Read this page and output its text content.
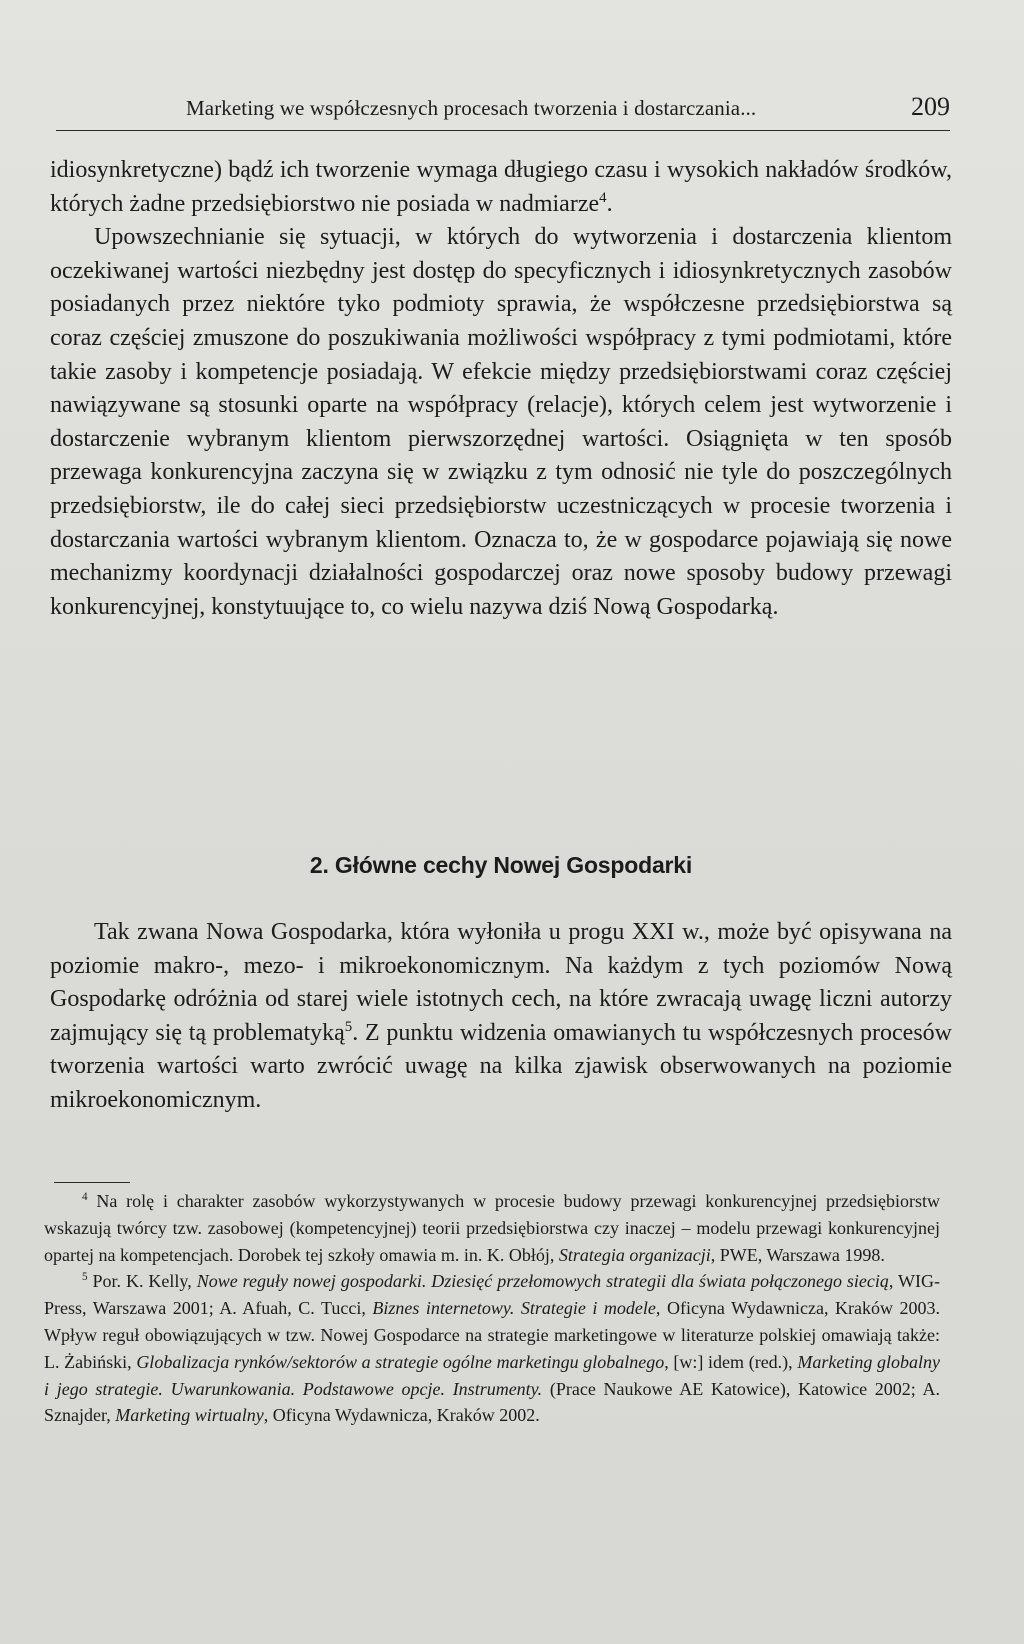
Marketing we współczesnych procesach tworzenia i dostarczania...	209

idiosynkretyczne) bądź ich tworzenie wymaga długiego czasu i wysokich nakładów środków, których żadne przedsiębiorstwo nie posiada w nadmiarze$^4$.

Upowszechnianie się sytuacji, w których do wytworzenia i dostarczenia klientom oczekiwanej wartości niezbędny jest dostęp do specyficznych i idiosynkretycznych zasobów posiadanych przez niektóre tyko podmioty sprawia, że współczesne przedsiębiorstwa są coraz częściej zmuszone do poszukiwania możliwości współpracy z tymi podmiotami, które takie zasoby i kompetencje posiadają. W efekcie między przedsiębiorstwami coraz częściej nawiązywane są stosunki oparte na współpracy (relacje), których celem jest wytworzenie i dostarczenie wybranym klientom pierwszorzędnej wartości. Osiągnięta w ten sposób przewaga konkurencyjna zaczyna się w związku z tym odnosić nie tyle do poszczególnych przedsiębiorstw, ile do całej sieci przedsiębiorstw uczestniczących w procesie tworzenia i dostarczania wartości wybranym klientom. Oznacza to, że w gospodarce pojawiają się nowe mechanizmy koordynacji działalności gospodarczej oraz nowe sposoby budowy przewagi konkurencyjnej, konstytuujące to, co wielu nazywa dziś Nową Gospodarką.

2. Główne cechy Nowej Gospodarki

Tak zwana Nowa Gospodarka, która wyłoniła u progu XXI w., może być opisywana na poziomie makro-, mezo- i mikroekonomicznym. Na każdym z tych poziomów Nową Gospodarkę odróżnia od starej wiele istotnych cech, na które zwracają uwagę liczni autorzy zajmujący się tą problematyką$^5$. Z punktu widzenia omawianych tu współczesnych procesów tworzenia wartości warto zwrócić uwagę na kilka zjawisk obserwowanych na poziomie mikroekonomicznym.

$^4$ Na rolę i charakter zasobów wykorzystywanych w procesie budowy przewagi konkurencyjnej przedsiębiorstw wskazują twórcy tzw. zasobowej (kompetencyjnej) teorii przedsiębiorstwa czy inaczej – modelu przewagi konkurencyjnej opartej na kompetencjach. Dorobek tej szkoły omawia m. in. K. Obłój, Strategia organizacji, PWE, Warszawa 1998.

$^5$ Por. K. Kelly, Nowe reguły nowej gospodarki. Dziesięć przełomowych strategii dla świata połączonego siecią, WIG-Press, Warszawa 2001; A. Afuah, C. Tucci, Biznes internetowy. Strategie i modele, Oficyna Wydawnicza, Kraków 2003. Wpływ reguł obowiązujących w tzw. Nowej Gospodarce na strategie marketingowe w literaturze polskiej omawiają także: L. Żabiński, Globalizacja rynków/sektorów a strategie ogólne marketingu globalnego, [w:] idem (red.), Marketing globalny i jego strategie. Uwarunkowania. Podstawowe opcje. Instrumenty. (Prace Naukowe AE Katowice), Katowice 2002; A. Sznajder, Marketing wirtualny, Oficyna Wydawnicza, Kraków 2002.
